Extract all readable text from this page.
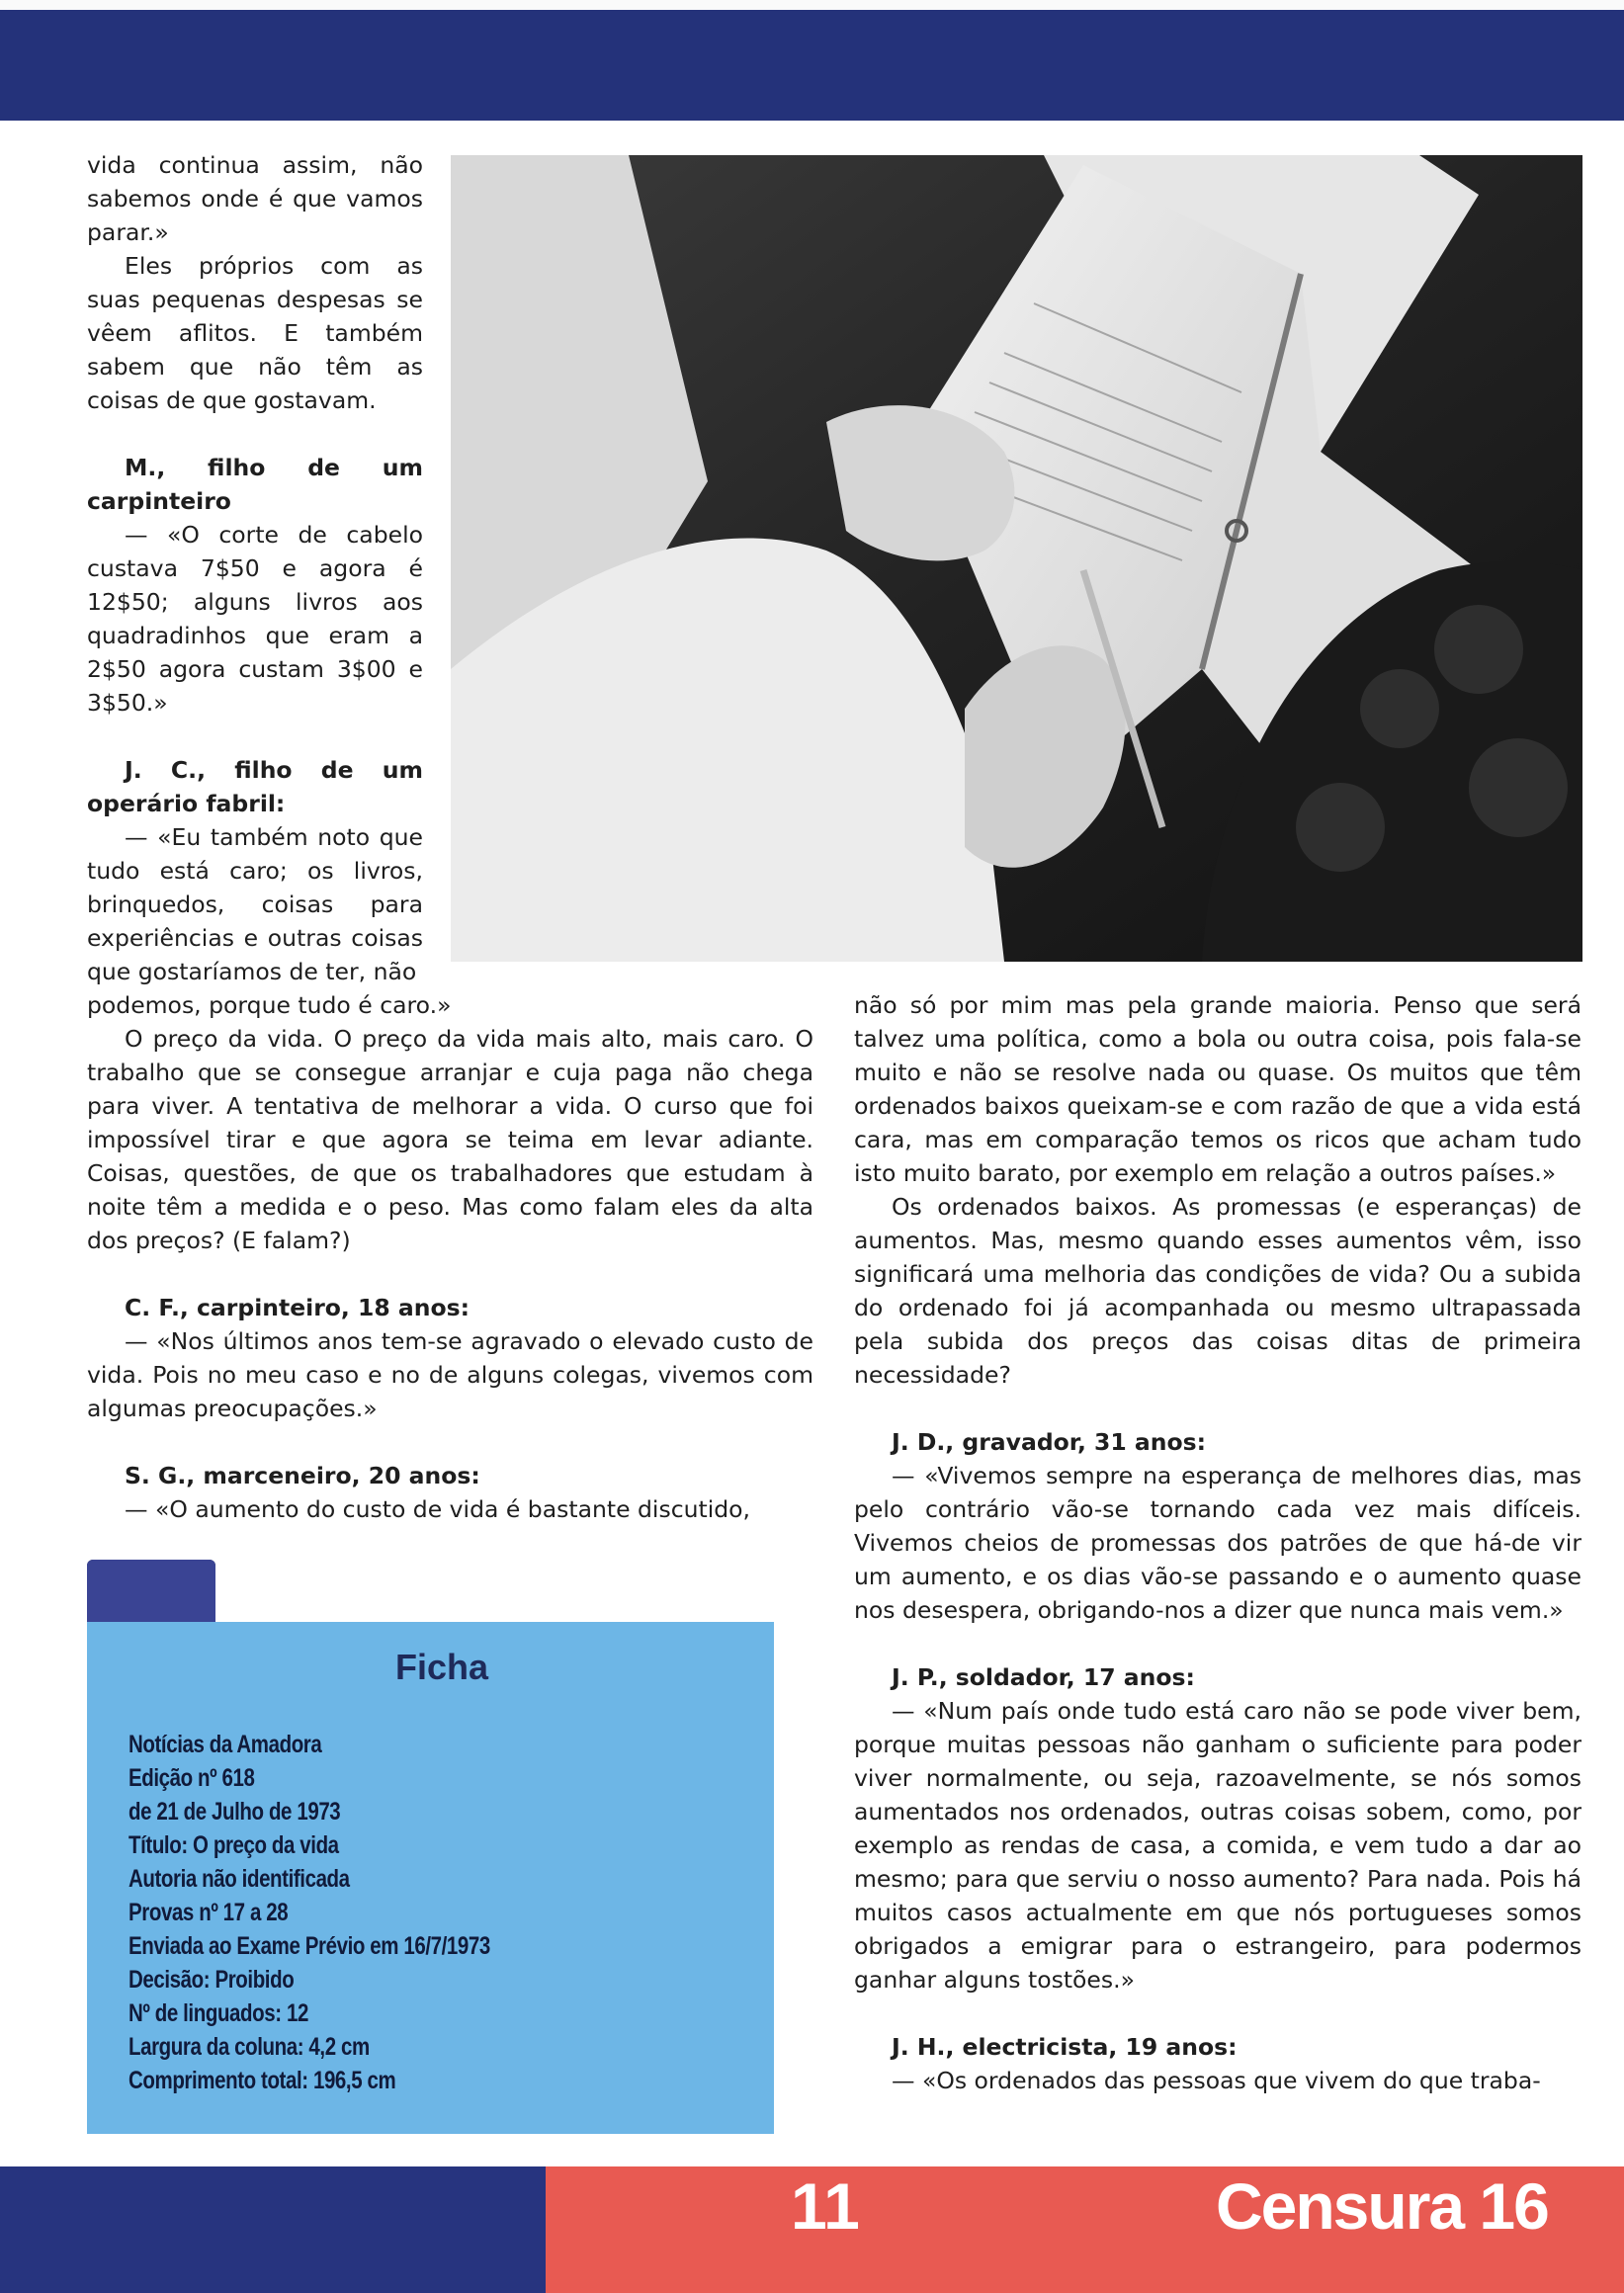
vida continua assim, não sabemos onde é que vamos parar.»

Eles próprios com as suas pequenas despesas se vêem aflitos. E também sabem que não têm as coisas de que gostavam.

M., filho de um carpinteiro

— «O corte de cabelo custava 7$50 e agora é 12$50; alguns livros aos quadradinhos que eram a 2$50 agora custam 3$00 e 3$50.»

J. C., filho de um operário fabril:

— «Eu também noto que tudo está caro; os livros, brinquedos, coisas para experiências e outras coisas que gostaríamos de ter, não

podemos, porque tudo é caro.»

O preço da vida. O preço da vida mais alto, mais caro. O trabalho que se consegue arranjar e cuja paga não chega para viver. A tentativa de melhorar a vida. O curso que foi impossível tirar e que agora se teima em levar adiante. Coisas, questões, de que os trabalhadores que estudam à noite têm a medida e o peso. Mas como falam eles da alta dos preços? (E falam?)

C. F., carpinteiro, 18 anos:

— «Nos últimos anos tem-se agravado o elevado custo de vida. Pois no meu caso e no de alguns colegas, vivemos com algumas preocupações.»

S. G., marceneiro, 20 anos:

— «O aumento do custo de vida é bastante discutido,

não só por mim mas pela grande maioria. Penso que será talvez uma política, como a bola ou outra coisa, pois fala-se muito e não se resolve nada ou quase. Os muitos que têm ordenados baixos queixam-se e com razão de que a vida está cara, mas em comparação temos os ricos que acham tudo isto muito barato, por exemplo em relação a outros países.»

Os ordenados baixos. As promessas (e esperanças) de aumentos. Mas, mesmo quando esses aumentos vêm, isso significará uma melhoria das condições de vida? Ou a subida do ordenado foi já acompanhada ou mesmo ultrapassada pela subida dos preços das coisas ditas de primeira necessidade?

J. D., gravador, 31 anos:

— «Vivemos sempre na esperança de melhores dias, mas pelo contrário vão-se tornando cada vez mais difíceis. Vivemos cheios de promessas dos patrões de que há-de vir um aumento, e os dias vão-se passando e o aumento quase nos desespera, obrigando-nos a dizer que nunca mais vem.»

J. P., soldador, 17 anos:

— «Num país onde tudo está caro não se pode viver bem, porque muitas pessoas não ganham o suficiente para poder viver normalmente, ou seja, razoavelmente, se nós somos aumentados nos ordenados, outras coisas sobem, como, por exemplo as rendas de casa, a comida, e vem tudo a dar ao mesmo; para que serviu o nosso aumento? Para nada. Pois há muitos casos actualmente em que nós portugueses somos obrigados a emigrar para o estrangeiro, para podermos ganhar alguns tostões.»

J. H., electricista, 19 anos:

— «Os ordenados das pessoas que vivem do que traba-

Ficha
Notícias da Amadora
Edição nº 618
de 21 de Julho de 1973
Título: O preço da vida
Autoria não identificada
Provas nº 17 a 28
Enviada ao Exame Prévio em 16/7/1973
Decisão: Proibido
Nº de linguados: 12
Largura da coluna: 4,2 cm
Comprimento total: 196,5 cm
11	Censura 16
